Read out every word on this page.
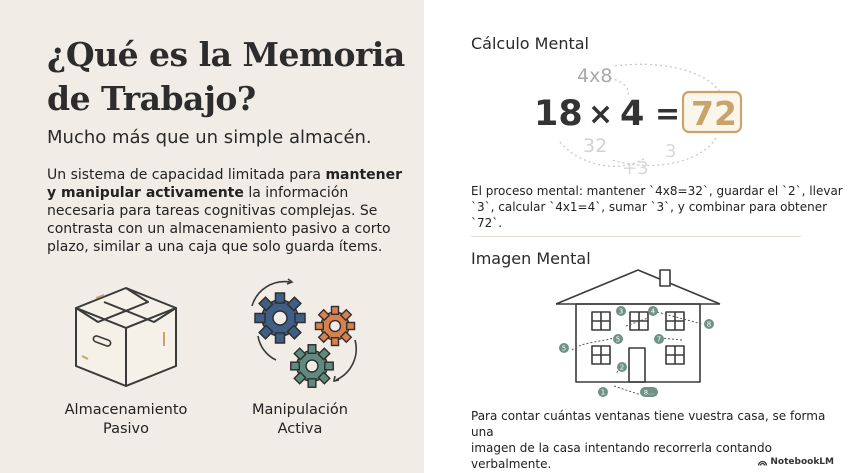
¿Qué es la Memoria
de Trabajo?
Mucho más que un simple almacén.
Un sistema de capacidad limitada para mantener y manipular activamente la información necesaria para tareas cognitivas complejas. Se contrasta con un almacenamiento pasivo a corto plazo, similar a una caja que solo guarda ítems.
Almacenamiento
Pasivo
Manipulación
Activa
Cálculo Mental
4x8
32
+3
3
18 × 4 = 72
El proceso mental: mantener `4x8=32`, guardar el `2`, llevar
`3`, calcular `4x1=4`, sumar `3`, y combinar para obtener `72`.
Imagen Mental
3	4
8
5
5	7
2
1	8...
Para contar cuántas ventanas tiene vuestra casa, se forma una
imagen de la casa intentando recorrerla contando verbalmente.	NotebookLM
